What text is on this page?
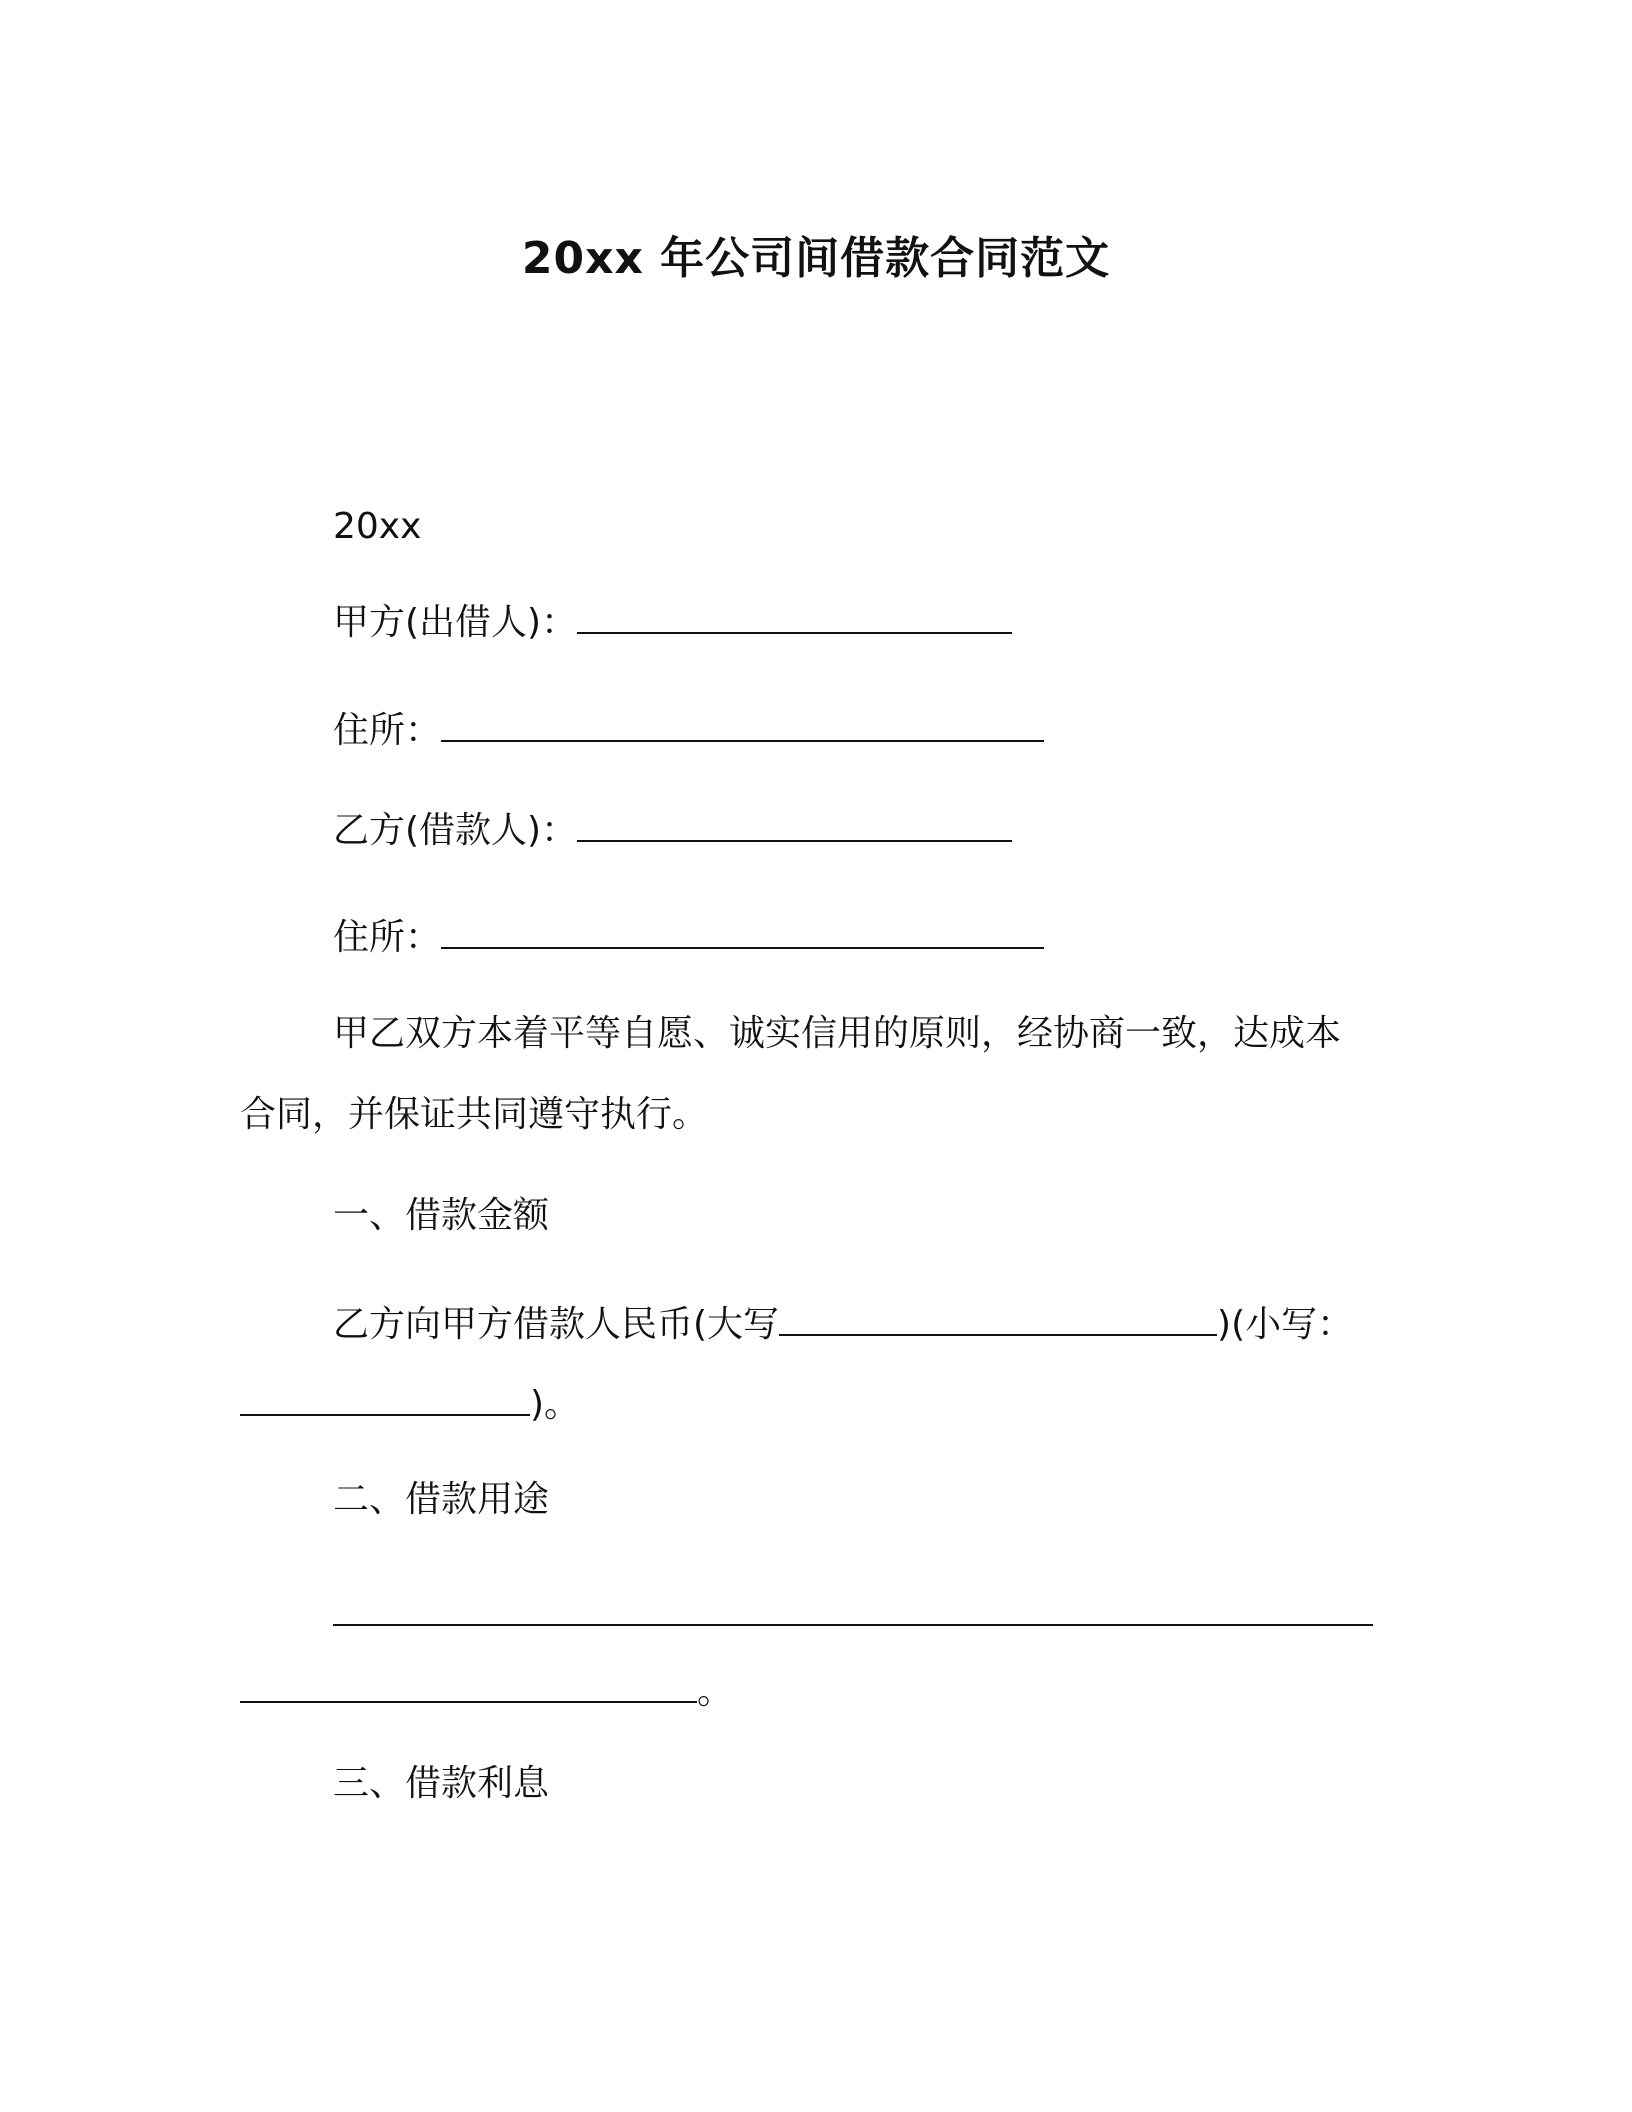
20xx 年公司间借款合同范文
20xx
甲方(出借人)：
住所：
乙方(借款人)：
住所：
甲乙双方本着平等自愿、诚实信用的原则，经协商一致，达成本
合同，并保证共同遵守执行。
一、借款金额
乙方向甲方借款人民币(大写	)(小写：
)。
二、借款用途
。
三、借款利息
